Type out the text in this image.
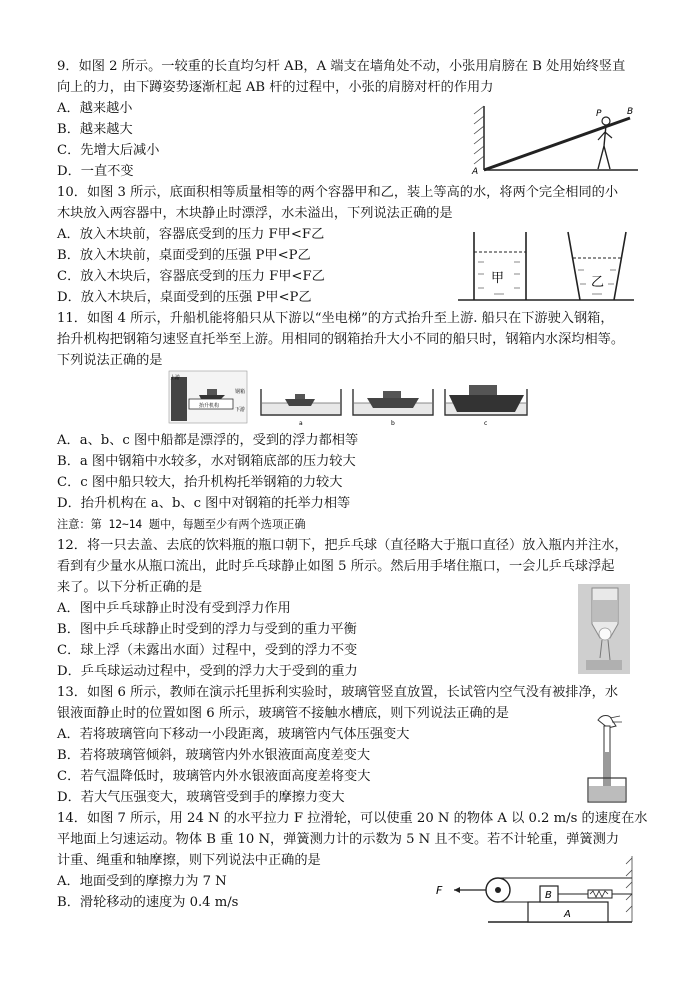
9．如图 2 所示。一较重的长直均匀杆 AB，A 端支在墙角处不动，小张用肩膀在 B 处用始终竖直
向上的力，由下蹲姿势逐渐杠起 AB 杆的过程中，小张的肩膀对杆的作用力
A．越来越小
B．越来越大
C．先增大后减小
D．一直不变	A
B
P
10．如图 3 所示，底面积相等质量相等的两个容器甲和乙，装上等高的水，将两个完全相同的小
木块放入两容器中，木块静止时漂浮，水未溢出，下列说法正确的是
A．放入木块前，容器底受到的压力 F甲<F乙
B．放入木块前，桌面受到的压强 P甲<P乙
C．放入木块后，容器底受到的压力 F甲<F乙
D．放入木块后，桌面受到的压强 P甲<P乙
甲	乙
11．如图 4 所示，升船机能将船只从下游以“坐电梯”的方式抬升至上游. 船只在下游驶入钢箱，
抬升机构把钢箱匀速竖直托举至上游。用相同的钢箱抬升大小不同的船只时，钢箱内水深均相等。
下列说法正确的是
上游
钢箱
抬升机构
下游
a	b	c
A．a、b、c 图中船都是漂浮的，受到的浮力都相等
B．a 图中钢箱中水较多，水对钢箱底部的压力较大
C．c 图中船只较大，抬升机构托举钢箱的力较大
D．抬升机构在 a、b、c 图中对钢箱的托举力相等
注意：第 12~14 题中，每题至少有两个选项正确
12．将一只去盖、去底的饮料瓶的瓶口朝下，把乒乓球（直径略大于瓶口直径）放入瓶内并注水，
看到有少量水从瓶口流出，此时乒乓球静止如图 5 所示。然后用手堵住瓶口，一会儿乒乓球浮起
来了。以下分析正确的是
A．图中乒乓球静止时没有受到浮力作用
B．图中乒乓球静止时受到的浮力与受到的重力平衡
C．球上浮（未露出水面）过程中，受到的浮力不变
D．乒乓球运动过程中，受到的浮力大于受到的重力
13．如图 6 所示，教师在演示托里拆利实验时，玻璃管竖直放置，长试管内空气没有被排净，水
银液面静止时的位置如图 6 所示，玻璃管不接触水槽底，则下列说法正确的是
A．若将玻璃管向下移动一小段距离，玻璃管内气体压强变大
B．若将玻璃管倾斜，玻璃管内外水银液面高度差变大
C．若气温降低时，玻璃管内外水银液面高度差将变大
D．若大气压强变大，玻璃管受到手的摩擦力变大
14．如图 7 所示，用 24 N 的水平拉力 F 拉滑轮，可以使重 20 N 的物体 A 以 0.2 m/s 的速度在水
平地面上匀速运动。物体 B 重 10 N，弹簧测力计的示数为 5 N 且不变。若不计轮重，弹簧测力
计重、绳重和轴摩擦，则下列说法中正确的是
A．地面受到的摩擦力为 7 N
B．滑轮移动的速度为 0.4 m/s
A
B
F
